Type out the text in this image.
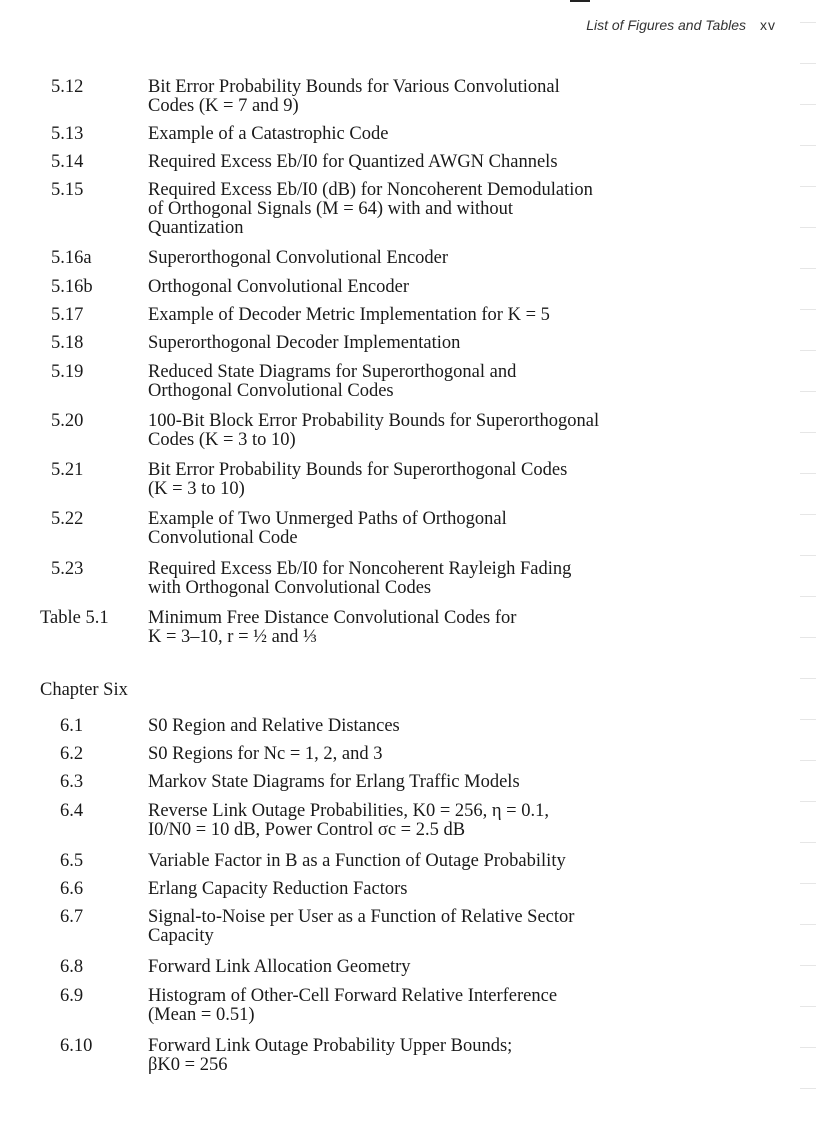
List of Figures and Tables xv
5.12	Bit Error Probability Bounds for Various Convolutional
Codes (K = 7 and 9)
5.13	Example of a Catastrophic Code
5.14	Required Excess Eb/I0 for Quantized AWGN Channels
5.15	Required Excess Eb/I0 (dB) for Noncoherent Demodulation
of Orthogonal Signals (M = 64) with and without
Quantization
5.16a	Superorthogonal Convolutional Encoder
5.16b	Orthogonal Convolutional Encoder
5.17	Example of Decoder Metric Implementation for K = 5
5.18	Superorthogonal Decoder Implementation
5.19	Reduced State Diagrams for Superorthogonal and
Orthogonal Convolutional Codes
5.20	100-Bit Block Error Probability Bounds for Superorthogonal
Codes (K = 3 to 10)
5.21	Bit Error Probability Bounds for Superorthogonal Codes
(K = 3 to 10)
5.22	Example of Two Unmerged Paths of Orthogonal
Convolutional Code
5.23	Required Excess Eb/I0 for Noncoherent Rayleigh Fading
with Orthogonal Convolutional Codes
Table 5.1 Minimum Free Distance Convolutional Codes for
K = 3–10, r = ½ and ⅓
Chapter Six
6.1	S0 Region and Relative Distances
6.2	S0 Regions for Nc = 1, 2, and 3
6.3	Markov State Diagrams for Erlang Traffic Models
6.4	Reverse Link Outage Probabilities, K0 = 256, η = 0.1,
I0/N0 = 10 dB, Power Control σc = 2.5 dB
6.5	Variable Factor in B as a Function of Outage Probability
6.6	Erlang Capacity Reduction Factors
6.7	Signal-to-Noise per User as a Function of Relative Sector
Capacity
6.8	Forward Link Allocation Geometry
6.9	Histogram of Other-Cell Forward Relative Interference
(Mean = 0.51)
6.10	Forward Link Outage Probability Upper Bounds;
βK0 = 256
